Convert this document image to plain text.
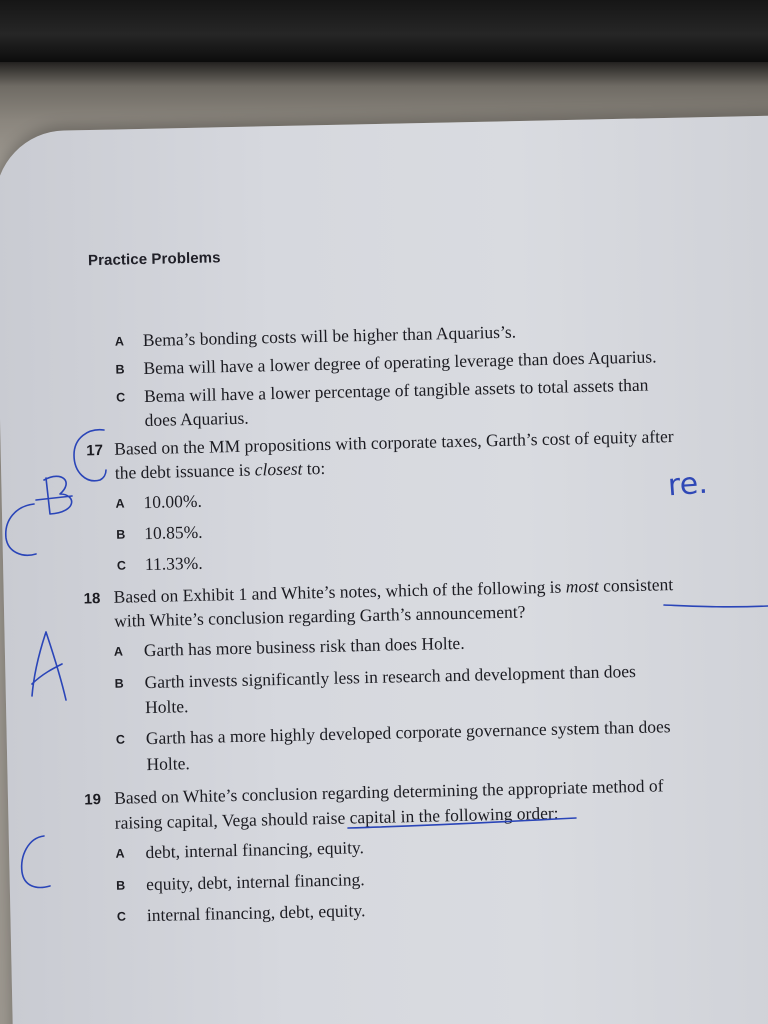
Practice Problems
A Bema’s bonding costs will be higher than Aquarius’s.
B Bema will have a lower degree of operating leverage than does Aquarius.
C Bema will have a lower percentage of tangible assets to total assets than
does Aquarius.
17 Based on the MM propositions with corporate taxes, Garth’s cost of equity after
the debt issuance is closest to:
A 10.00%.
B 10.85%.
C 11.33%.
18 Based on Exhibit 1 and White’s notes, which of the following is most consistent
with White’s conclusion regarding Garth’s announcement?
A Garth has more business risk than does Holte.
B Garth invests significantly less in research and development than does
Holte.
C Garth has a more highly developed corporate governance system than does
Holte.
19 Based on White’s conclusion regarding determining the appropriate method of
raising capital, Vega should raise capital in the following order:
A debt, internal financing, equity.
B equity, debt, internal financing.
C internal financing, debt, equity.
re.
